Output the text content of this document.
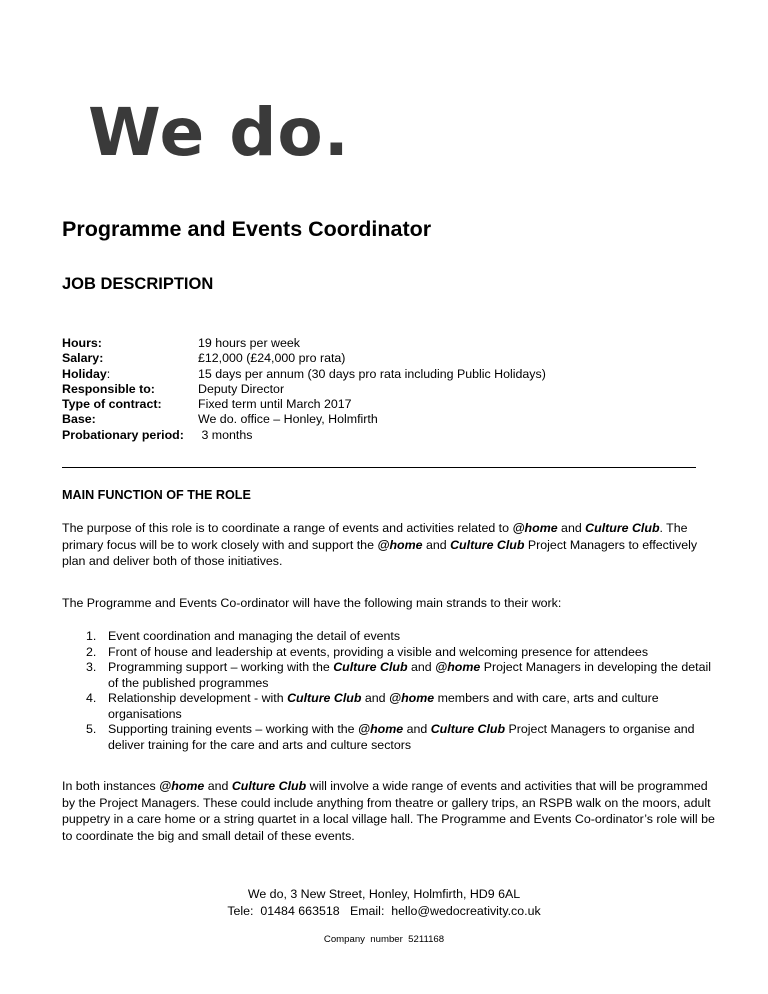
We do.
Programme and Events Coordinator
JOB DESCRIPTION
Hours:	19 hours per week
Salary:	£12,000 (£24,000 pro rata)
Holiday:	15 days per annum (30 days pro rata including Public Holidays)
Responsible to:	Deputy Director
Type of contract:	Fixed term until March 2017
Base:	We do. office – Honley, Holmfirth
Probationary period:	3 months
MAIN FUNCTION OF THE ROLE

The purpose of this role is to coordinate a range of events and activities related to @home and Culture Club. The primary focus will be to work closely with and support the @home and Culture Club Project Managers to effectively plan and deliver both of those initiatives.

The Programme and Events Co-ordinator will have the following main strands to their work:

1. Event coordination and managing the detail of events
2. Front of house and leadership at events, providing a visible and welcoming presence for attendees
3. Programming support – working with the Culture Club and @home Project Managers in developing the detail of the published programmes
4. Relationship development - with Culture Club and @home members and with care, arts and culture organisations
5. Supporting training events – working with the @home and Culture Club Project Managers to organise and deliver training for the care and arts and culture sectors

In both instances @home and Culture Club will involve a wide range of events and activities that will be programmed by the Project Managers. These could include anything from theatre or gallery trips, an RSPB walk on the moors, adult puppetry in a care home or a string quartet in a local village hall. The Programme and Events Co-ordinator’s role will be to coordinate the big and small detail of these events.

We do, 3 New Street, Honley, Holmfirth, HD9 6AL
Tele:  01484 663518   Email:  hello@wedocreativity.co.uk
Company  number  5211168
